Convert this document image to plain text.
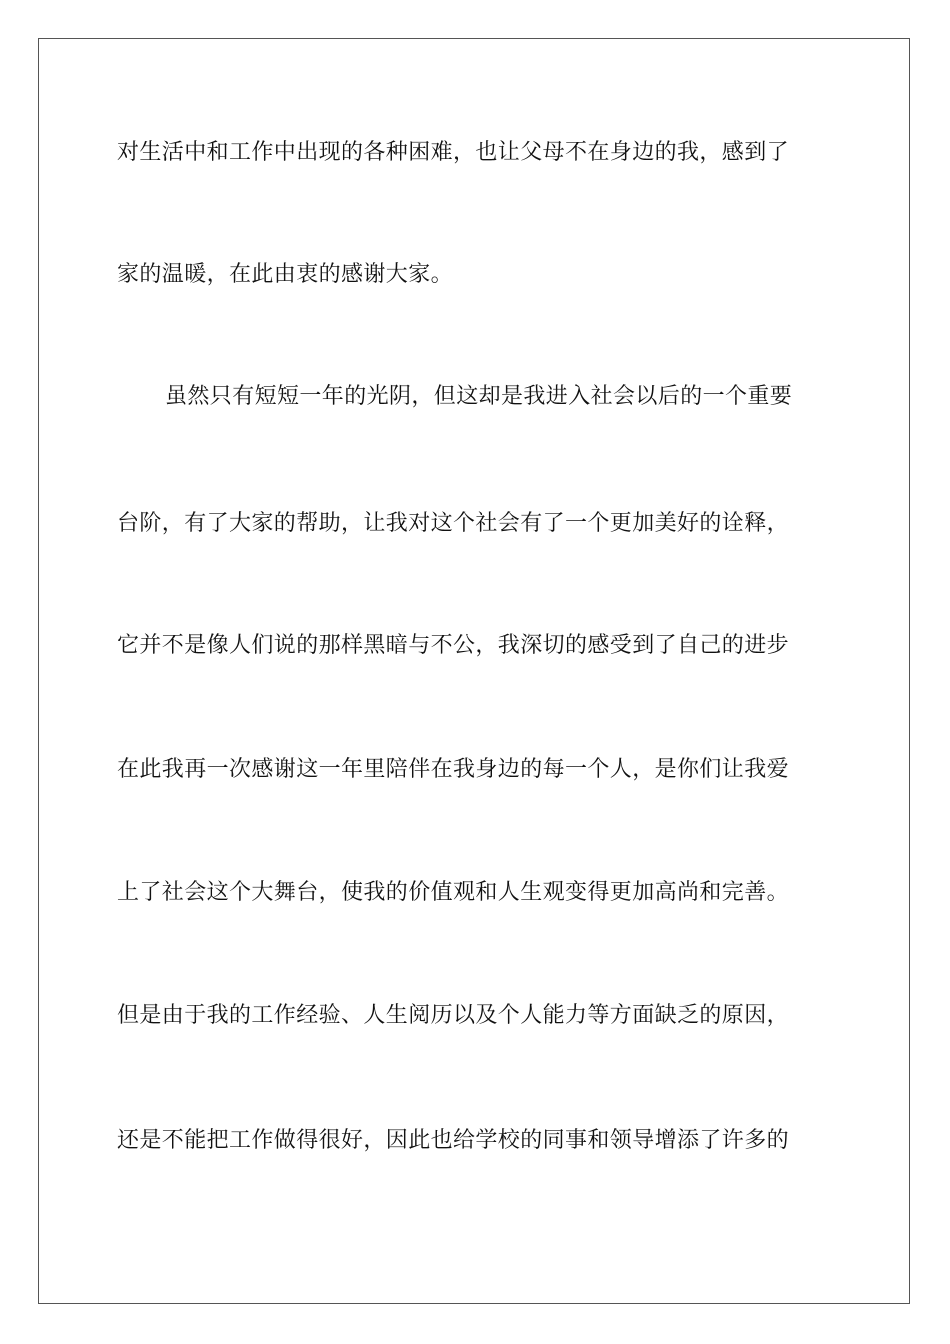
对生活中和工作中出现的各种困难，也让父母不在身边的我，感到了
家的温暖，在此由衷的感谢大家。
虽然只有短短一年的光阴，但这却是我进入社会以后的一个重要
台阶，有了大家的帮助，让我对这个社会有了一个更加美好的诠释，
它并不是像人们说的那样黑暗与不公，我深切的感受到了自己的进步
在此我再一次感谢这一年里陪伴在我身边的每一个人，是你们让我爱
上了社会这个大舞台，使我的价值观和人生观变得更加高尚和完善。
但是由于我的工作经验、人生阅历以及个人能力等方面缺乏的原因，
还是不能把工作做得很好，因此也给学校的同事和领导增添了许多的
